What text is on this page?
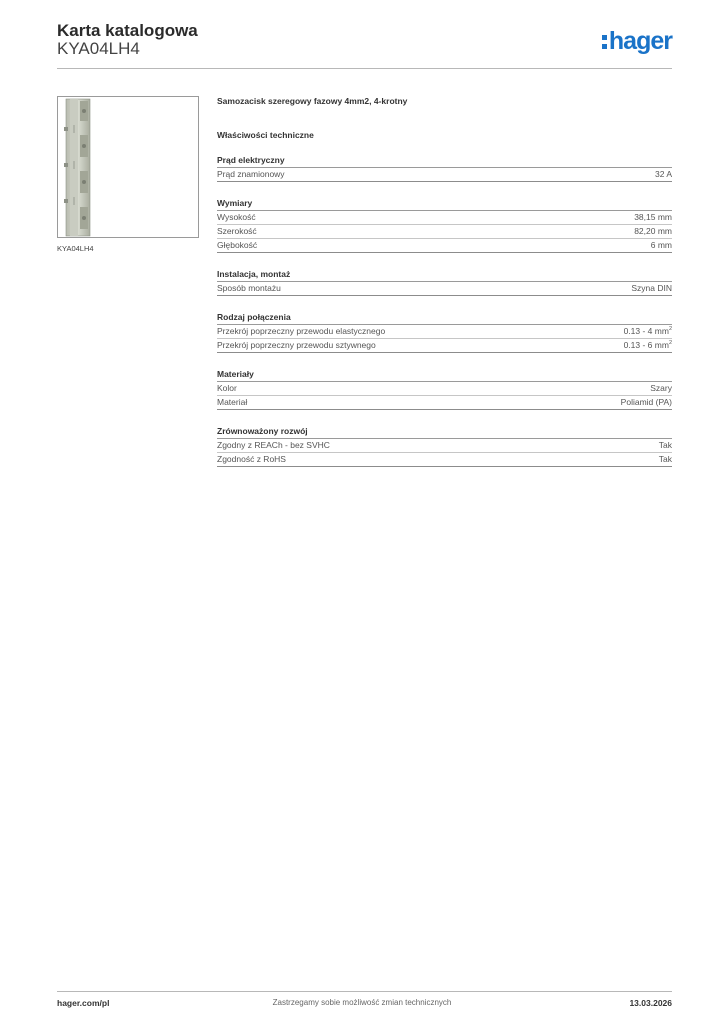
Karta katalogowa
KYA04LH4	hager
KYA04LH4
Samozacisk szeregowy fazowy 4mm2, 4-krotny
Właściwości techniczne
Prąd elektryczny
Prąd znamionowy	32 A
Wymiary
Wysokość	38,15 mm
Szerokość	82,20 mm
Głębokość	6 mm
Instalacja, montaż
Sposób montażu	Szyna DIN
Rodzaj połączenia
Przekrój poprzeczny przewodu elastycznego	0.13 - 4 $mm^2$
Przekrój poprzeczny przewodu sztywnego	0.13 - 6 $mm^2$
Materiały
Kolor	Szary
Materiał	Poliamid (PA)
Zrównoważony rozwój
Zgodny z REACh - bez SVHC	Tak
Zgodność z RoHS	Tak
hager.com/pl	Zastrzegamy sobie możliwość zmian technicznych	13.03.2026
